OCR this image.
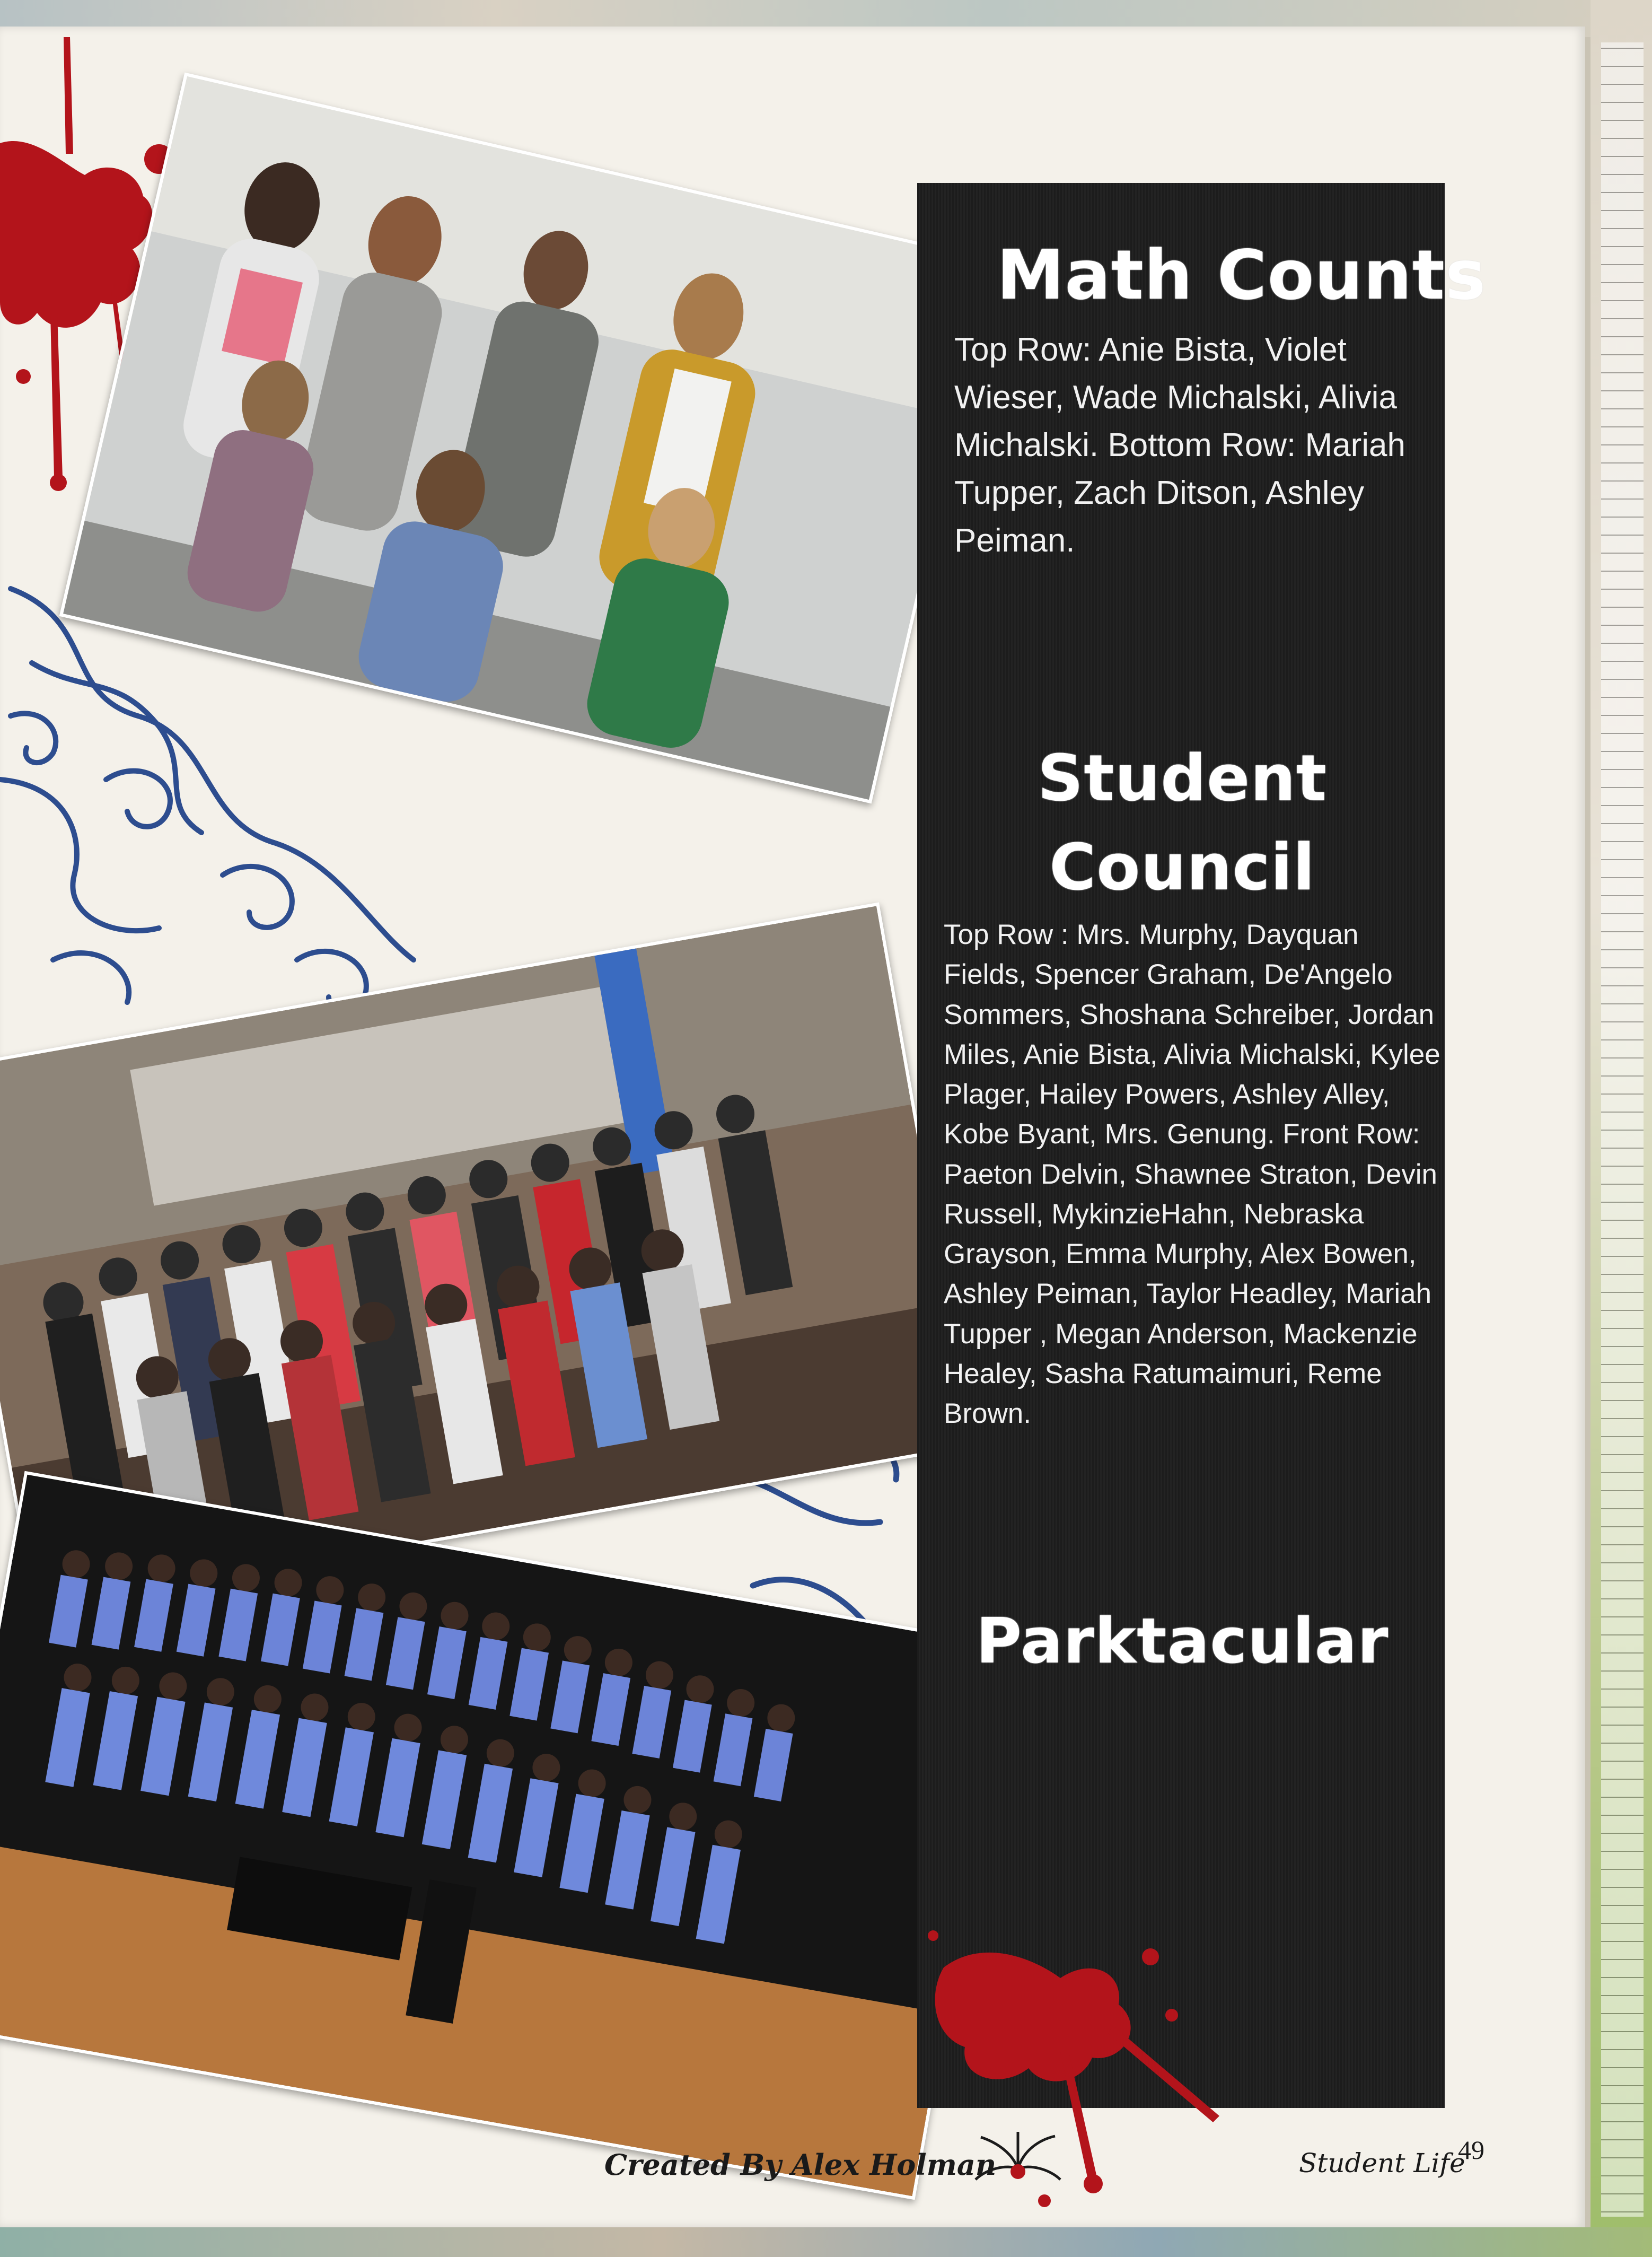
Math Counts
Top Row: Anie Bista, Violet Wieser, Wade Michalski, Alivia Michalski. Bottom Row: Mariah Tupper, Zach Ditson, Ashley Peiman.
Student Council
Top Row : Mrs. Murphy, Dayquan Fields, Spencer Graham, De'Angelo Sommers, Shoshana Schreiber, Jordan Miles, Anie Bista, Alivia Michalski, Kylee Plager, Hailey Powers, Ashley Alley, Kobe Byant, Mrs. Genung. Front Row: Paeton Delvin, Shawnee Straton, Devin Russell, MykinzieHahn, Nebraska Grayson, Emma Murphy, Alex Bowen, Ashley Peiman, Taylor Headley, Mariah Tupper , Megan Anderson, Mackenzie Healey, Sasha Ratumaimuri, Reme Brown.
Parktacular
Created By Alex Holman	Student Life
49
